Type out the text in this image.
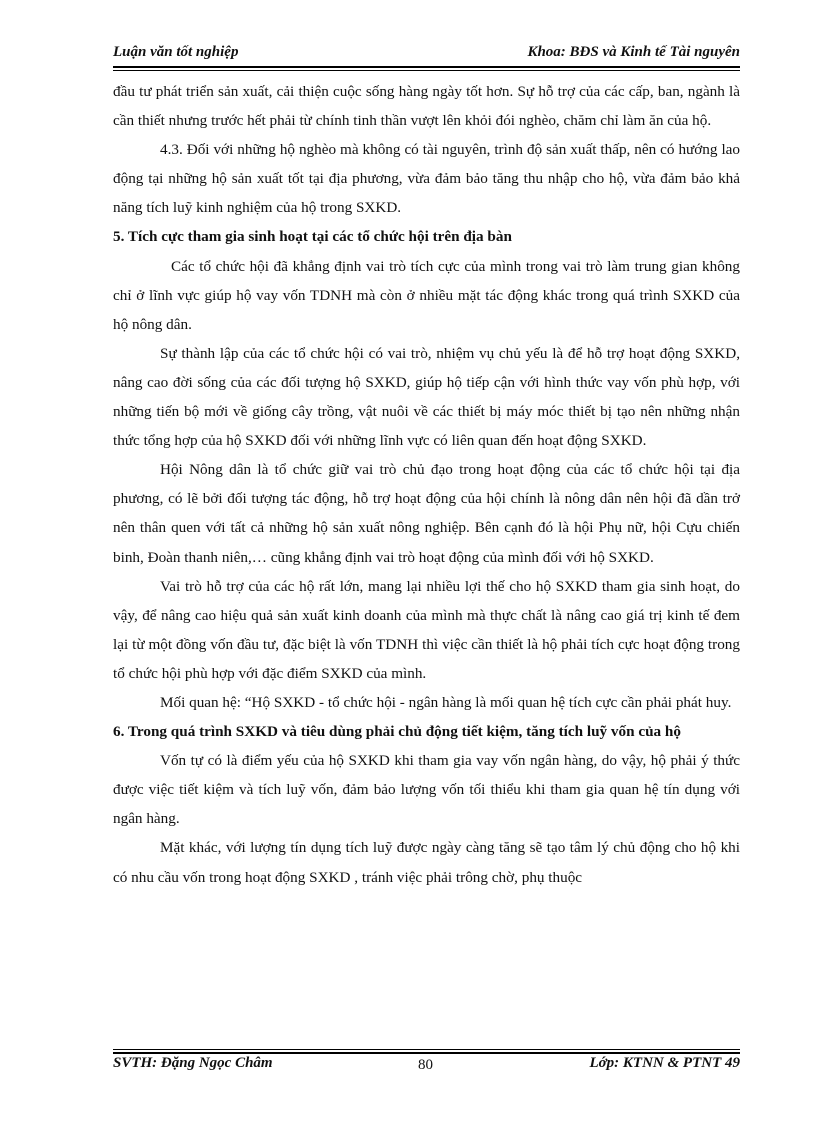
Luận văn tốt nghiệp	Khoa: BĐS và Kinh tế Tài nguyên

đầu tư phát triển sản xuất, cải thiện cuộc sống hàng ngày tốt hơn. Sự hỗ trợ của các cấp, ban, ngành là cần thiết nhưng trước hết phải từ chính tinh thần vượt lên khỏi đói nghèo, chăm chỉ làm ăn của hộ.

4.3. Đối với những hộ nghèo mà không có tài nguyên, trình độ sản xuất thấp, nên có hướng lao động tại những hộ sản xuất tốt tại địa phương, vừa đảm bảo tăng thu nhập cho hộ, vừa đảm bảo khả năng tích luỹ kinh nghiệm của hộ trong SXKD.

5. Tích cực tham gia sinh hoạt tại các tổ chức hội trên địa bàn

Các tổ chức hội đã khẳng định vai trò tích cực của mình trong vai trò làm trung gian không chỉ ở lĩnh vực giúp hộ vay vốn TDNH mà còn ở nhiều mặt tác động khác trong quá trình SXKD của hộ nông dân.

Sự thành lập của các tổ chức hội có vai trò, nhiệm vụ chủ yếu là để hỗ trợ hoạt động SXKD, nâng cao đời sống của các đối tượng hộ SXKD, giúp hộ tiếp cận với hình thức vay vốn phù hợp, với những tiến bộ mới về giống cây trồng, vật nuôi về các thiết bị máy móc thiết bị tạo nên những nhận thức tổng hợp của hộ SXKD đối với những lĩnh vực có liên quan đến hoạt động SXKD.

Hội Nông dân là tổ chức giữ vai trò chủ đạo trong hoạt động của các tổ chức hội tại địa phương, có lẽ bởi đối tượng tác động, hỗ trợ hoạt động của hội chính là nông dân nên hội đã dần trở nên thân quen với tất cả những hộ sản xuất nông nghiệp. Bên cạnh đó là hội Phụ nữ, hội Cựu chiến binh, Đoàn thanh niên,… cũng khẳng định vai trò hoạt động của mình đối với hộ SXKD.

Vai trò hỗ trợ của các hộ rất lớn, mang lại nhiều lợi thế cho hộ SXKD tham gia sinh hoạt, do vậy, để nâng cao hiệu quả sản xuất kinh doanh của mình mà thực chất là nâng cao giá trị kinh tế đem lại từ một đồng vốn đầu tư, đặc biệt là vốn TDNH thì việc cần thiết là hộ phải tích cực hoạt động trong tổ chức hội phù hợp với đặc điểm SXKD của mình.

Mối quan hệ: “Hộ SXKD - tổ chức hội - ngân hàng là mối quan hệ tích cực cần phải phát huy.

6. Trong quá trình SXKD và tiêu dùng phải chủ động tiết kiệm, tăng tích luỹ vốn của hộ

Vốn tự có là điểm yếu của hộ SXKD khi tham gia vay vốn ngân hàng, do vậy, hộ phải ý thức được việc tiết kiệm và tích luỹ vốn, đảm bảo lượng vốn tối thiểu khi tham gia quan hệ tín dụng với ngân hàng.

Mặt khác, với lượng tín dụng tích luỹ được ngày càng tăng sẽ tạo tâm lý chủ động cho hộ khi có nhu cầu vốn trong hoạt động SXKD , tránh việc phải trông chờ, phụ thuộc

SVTH: Đặng Ngọc Châm	80	Lớp: KTNN & PTNT 49
